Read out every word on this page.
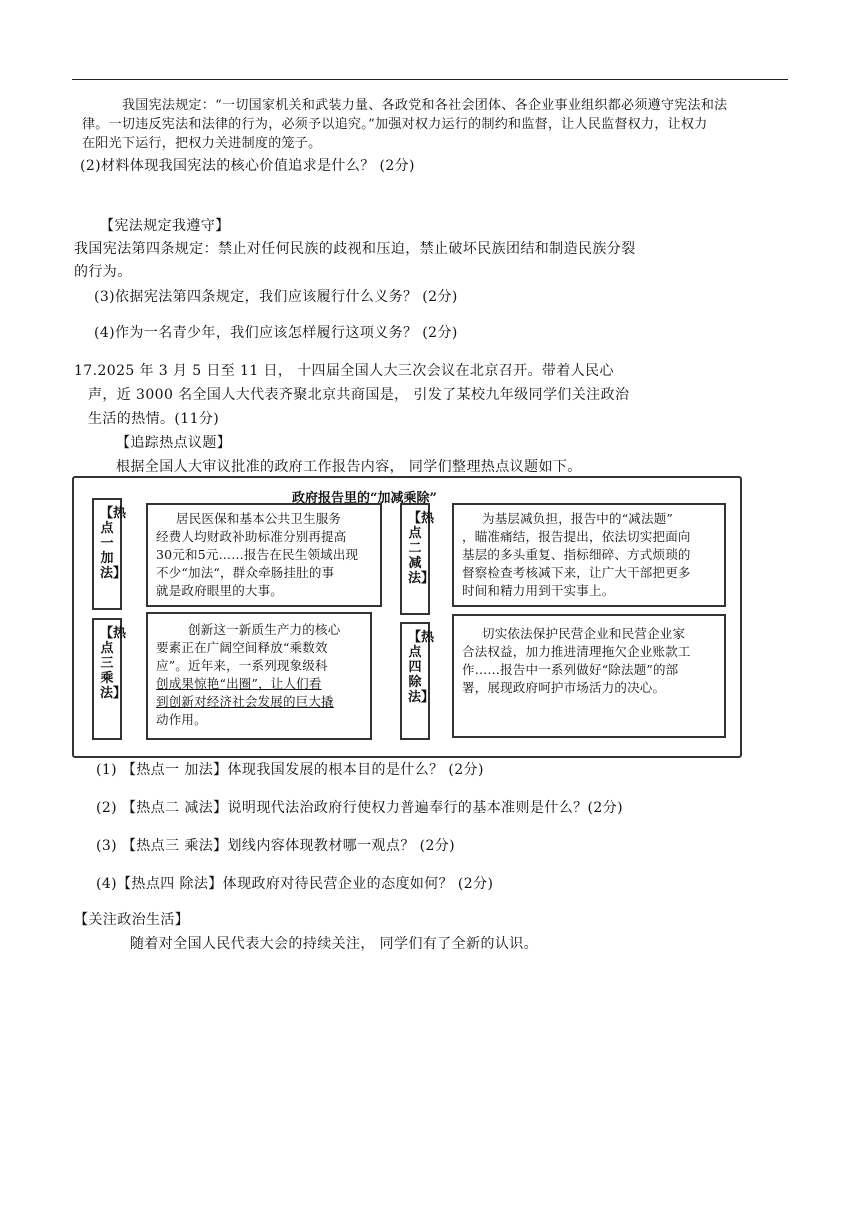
我国宪法规定：“一切国家机关和武装力量、各政党和各社会团体、各企业事业组织都必须遵守宪法和法
律。一切违反宪法和法律的行为，必须予以追究。”加强对权力运行的制约和监督，让人民监督权力，让权力
在阳光下运行，把权力关进制度的笼子。
(2)材料体现我国宪法的核心价值追求是什么？ (2分)
【宪法规定我遵守】
我国宪法第四条规定：禁止对任何民族的歧视和压迫，禁止破坏民族团结和制造民族分裂
的行为。
(3)依据宪法第四条规定，我们应该履行什么义务？ (2分)
(4)作为一名青少年，我们应该怎样履行这项义务？ (2分)
17.2025 年 3 月 5 日至 11 日， 十四届全国人大三次会议在北京召开。带着人民心
声，近 3000 名全国人大代表齐聚北京共商国是， 引发了某校九年级同学们关注政治
生活的热情。(11分)
【追踪热点议题】
根据全国人大审议批准的政府工作报告内容， 同学们整理热点议题如下。
政府报告里的“加减乘除”
【热点一 加法】
居民医保和基本公共卫生服务
经费人均财政补助标准分别再提高
30元和5元……报告在民生领域出现
不少“加法“，群众牵肠挂肚的事
就是政府眼里的大事。
【热点二 减法】
为基层减负担，报告中的“减法题”
，瞄准痛结，报告提出，依法切实把面向
基层的多头重复、指标细碎、方式烦琐的
督察检查考核减下来，让广大干部把更多
时间和精力用到干实事上。
【热点三 乘法】
创新这一新质生产力的核心
要素正在广阔空间释放“乘数效
应”。近年来，一系列现象级科
创成果惊艳“出圈”，让人们看
到创新对经济社会发展的巨大撬
动作用。
【热点四 除法】
切实依法保护民营企业和民营企业家
合法权益，加力推进清理拖欠企业账款工
作……报告中一系列做好“除法题”的部
署，展现政府呵护市场活力的决心。
(1) 【热点一 加法】体现我国发展的根本目的是什么？ (2分)
(2) 【热点二 减法】说明现代法治政府行使权力普遍奉行的基本准则是什么？(2分)
(3) 【热点三 乘法】划线内容体现教材哪一观点？ (2分)
(4)【热点四 除法】体现政府对待民营企业的态度如何？ (2分)
【关注政治生活】
随着对全国人民代表大会的持续关注， 同学们有了全新的认识。
